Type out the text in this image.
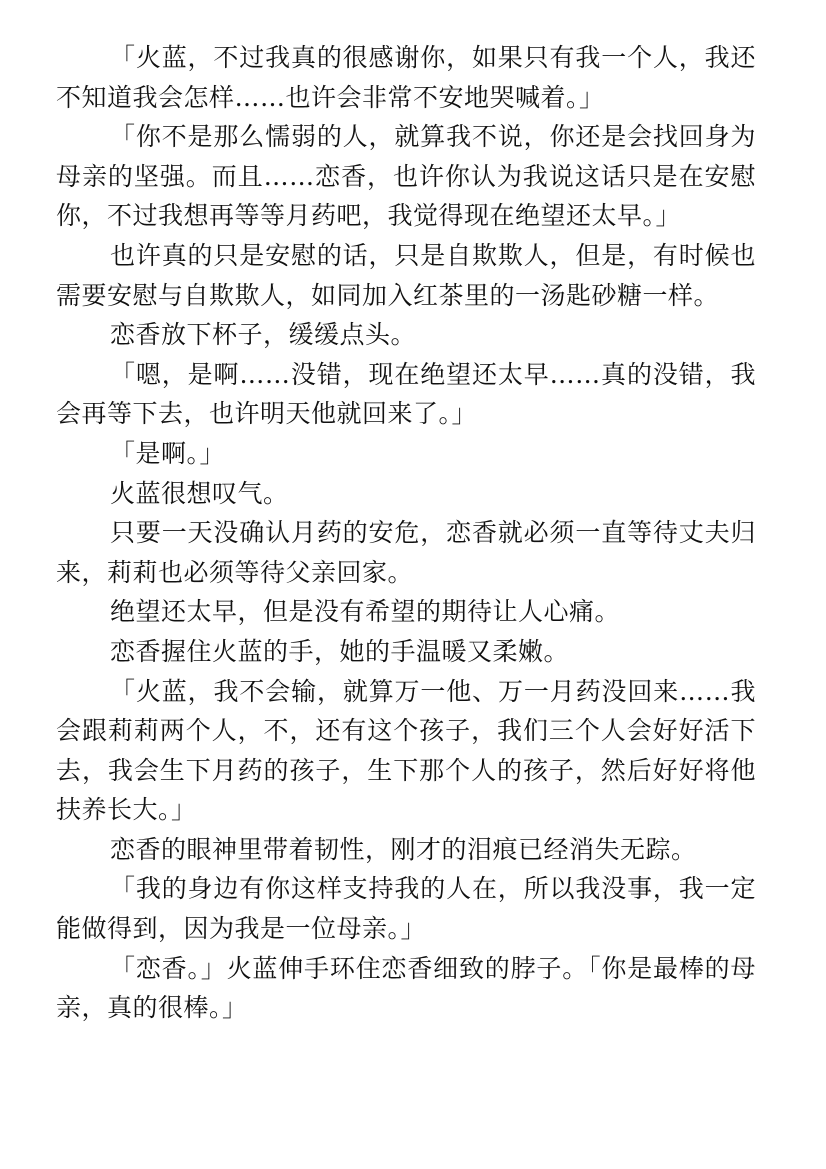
「火蓝，不过我真的很感谢你，如果只有我一个人，我还不知道我会怎样……也许会非常不安地哭喊着。」

「你不是那么懦弱的人，就算我不说，你还是会找回身为母亲的坚强。而且……恋香，也许你认为我说这话只是在安慰你，不过我想再等等月药吧，我觉得现在绝望还太早。」

也许真的只是安慰的话，只是自欺欺人，但是，有时候也需要安慰与自欺欺人，如同加入红茶里的一汤匙砂糖一样。

恋香放下杯子，缓缓点头。

「嗯，是啊……没错，现在绝望还太早……真的没错，我会再等下去，也许明天他就回来了。」

「是啊。」

火蓝很想叹气。

只要一天没确认月药的安危，恋香就必须一直等待丈夫归来，莉莉也必须等待父亲回家。

绝望还太早，但是没有希望的期待让人心痛。

恋香握住火蓝的手，她的手温暖又柔嫩。

「火蓝，我不会输，就算万一他、万一月药没回来……我会跟莉莉两个人，不，还有这个孩子，我们三个人会好好活下去，我会生下月药的孩子，生下那个人的孩子，然后好好将他扶养长大。」

恋香的眼神里带着韧性，刚才的泪痕已经消失无踪。

「我的身边有你这样支持我的人在，所以我没事，我一定能做得到，因为我是一位母亲。」

「恋香。」火蓝伸手环住恋香细致的脖子。「你是最棒的母亲，真的很棒。」
